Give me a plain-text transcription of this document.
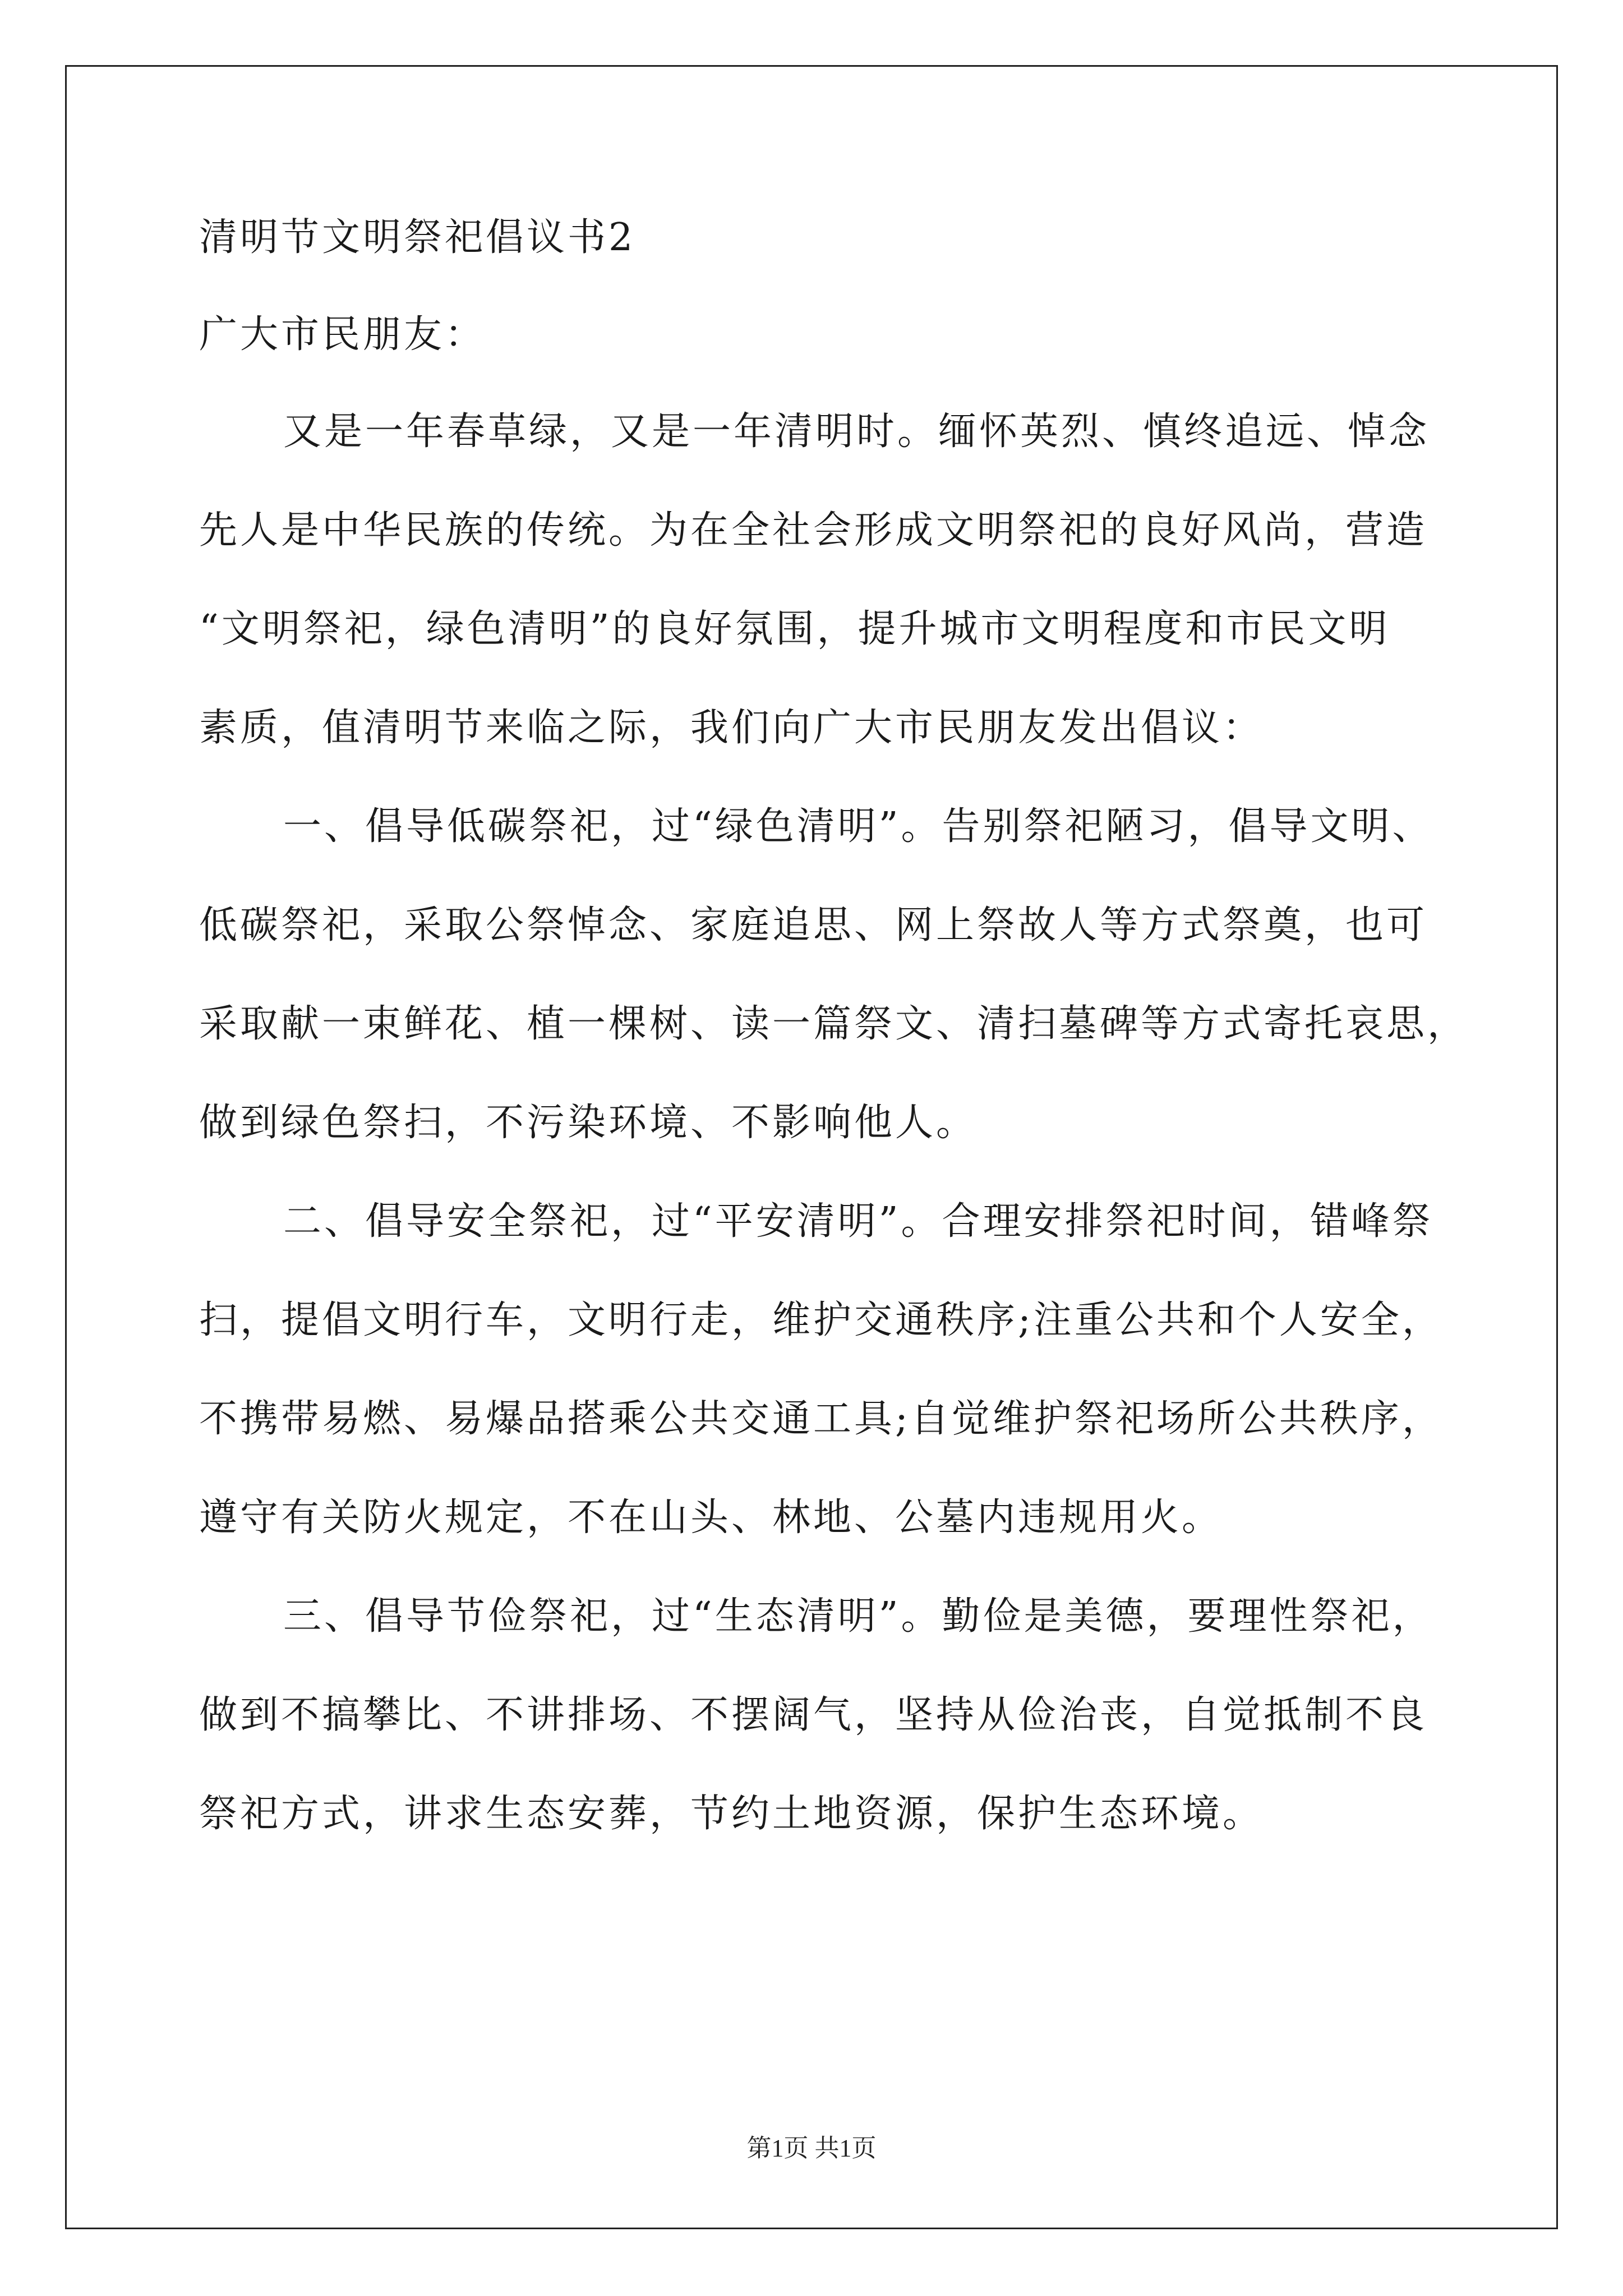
清明节文明祭祀倡议书2
广大市民朋友：
又是一年春草绿，又是一年清明时。缅怀英烈、慎终追远、悼念
先人是中华民族的传统。为在全社会形成文明祭祀的良好风尚，营造
“文明祭祀，绿色清明”的良好氛围，提升城市文明程度和市民文明
素质，值清明节来临之际，我们向广大市民朋友发出倡议：
一、倡导低碳祭祀，过“绿色清明”。告别祭祀陋习，倡导文明、
低碳祭祀，采取公祭悼念、家庭追思、网上祭故人等方式祭奠，也可
采取献一束鲜花、植一棵树、读一篇祭文、清扫墓碑等方式寄托哀思，
做到绿色祭扫，不污染环境、不影响他人。
二、倡导安全祭祀，过“平安清明”。合理安排祭祀时间，错峰祭
扫，提倡文明行车，文明行走，维护交通秩序;注重公共和个人安全，
不携带易燃、易爆品搭乘公共交通工具;自觉维护祭祀场所公共秩序，
遵守有关防火规定，不在山头、林地、公墓内违规用火。
三、倡导节俭祭祀，过“生态清明”。勤俭是美德，要理性祭祀，
做到不搞攀比、不讲排场、不摆阔气，坚持从俭治丧，自觉抵制不良
祭祀方式，讲求生态安葬，节约土地资源，保护生态环境。
第1页 共1页
